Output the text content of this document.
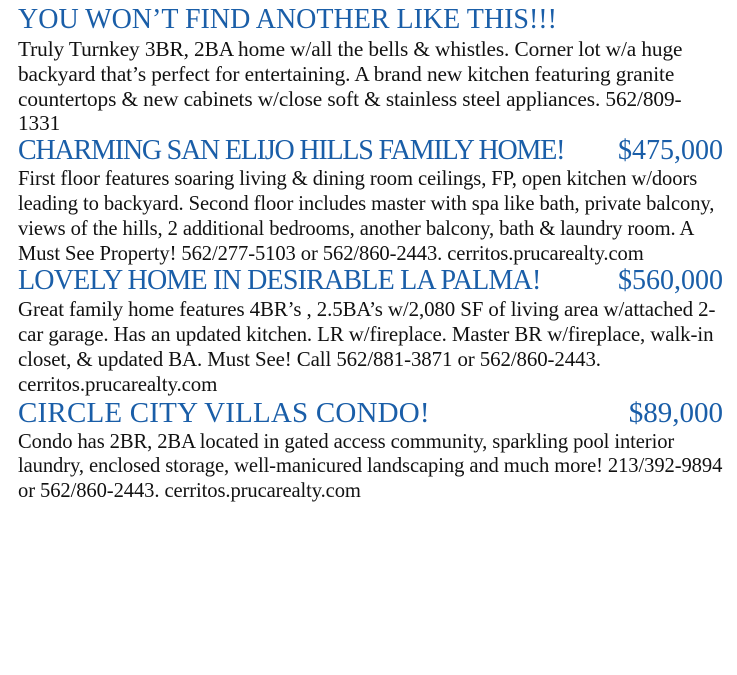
YOU WON’T FIND ANOTHER LIKE THIS!!!

Truly Turnkey 3BR, 2BA home w/all the bells & whistles. Corner lot w/a huge backyard that’s perfect for entertaining. A brand new kitchen featuring granite countertops & new cabinets w/close soft & stainless steel appliances. 562/809-1331

CHARMING SAN ELIJO HILLS FAMILY HOME! $475,000

First floor features soaring living & dining room ceilings, FP, open kitchen w/doors leading to backyard. Second floor includes master with spa like bath, private balcony, views of the hills, 2 additional bedrooms, another balcony, bath & laundry room. A Must See Property! 562/277-5103 or 562/860-2443. cerritos.prucarealty.com

LOVELY HOME IN DESIRABLE LA PALMA!	$560,000

Great family home features 4BR’s , 2.5BA’s w/2,080 SF of living area w/attached 2-car garage. Has an updated kitchen. LR w/fireplace. Master BR w/fireplace, walk-in closet, & updated BA. Must See! Call 562/881-3871 or 562/860-2443. cerritos.prucarealty.com

CIRCLE CITY VILLAS CONDO!	$89,000

Condo has 2BR, 2BA located in gated access community, sparkling pool interior laundry, enclosed storage, well-manicured landscaping and much more! 213/392-9894 or 562/860-2443. cerritos.prucarealty.com
